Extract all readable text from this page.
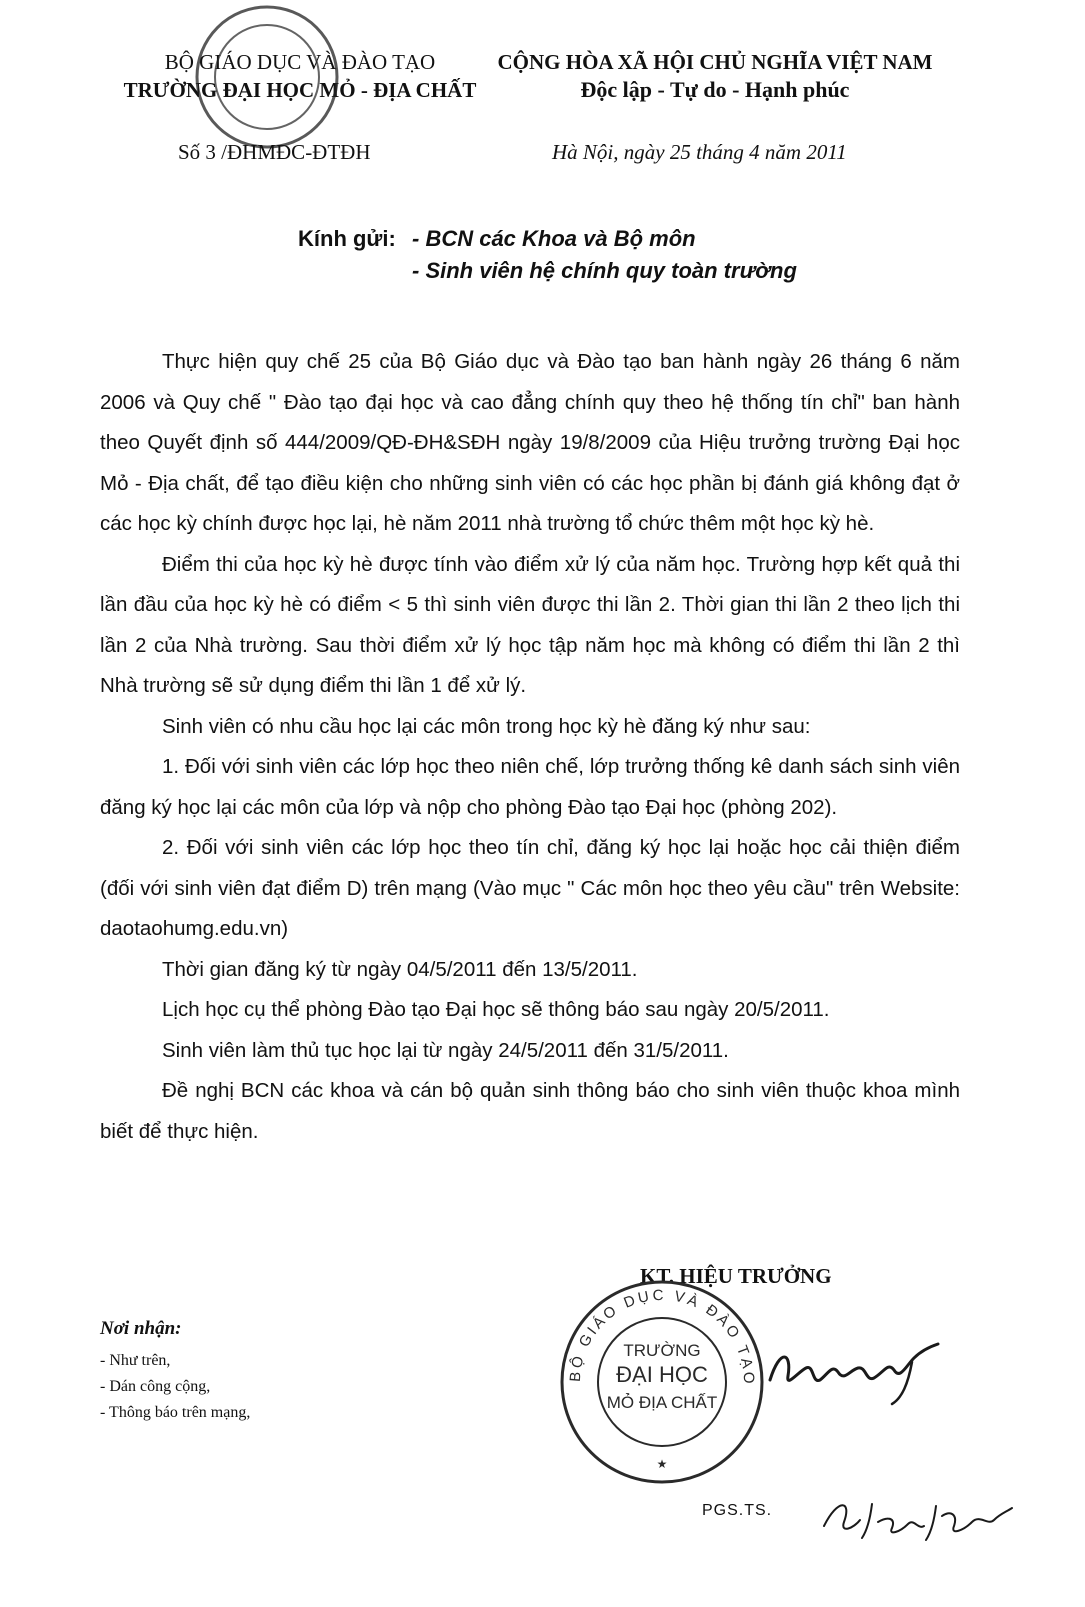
BỘ GIÁO DỤC VÀ ĐÀO TẠO
TRƯỜNG ĐẠI HỌC MỎ - ĐỊA CHẤT
CỘNG HÒA XÃ HỘI CHỦ NGHĨA VIỆT NAM
Độc lập - Tự do - Hạnh phúc
Số 3 /ĐHMĐC-ĐTĐH	Hà Nội, ngày 25 tháng 4 năm 2011
Kính gửi: - BCN các Khoa và Bộ môn
- Sinh viên hệ chính quy toàn trường

Thực hiện quy chế 25 của Bộ Giáo dục và Đào tạo ban hành ngày 26 tháng 6 năm 2006 và Quy chế " Đào tạo đại học và cao đẳng chính quy theo hệ thống tín chỉ" ban hành theo Quyết định số 444/2009/QĐ-ĐH&SĐH ngày 19/8/2009 của Hiệu trưởng trường Đại học Mỏ - Địa chất, để tạo điều kiện cho những sinh viên có các học phần bị đánh giá không đạt ở các học kỳ chính được học lại, hè năm 2011 nhà trường tổ chức thêm một học kỳ hè.

Điểm thi của học kỳ hè được tính vào điểm xử lý của năm học. Trường hợp kết quả thi lần đầu của học kỳ hè có điểm < 5 thì sinh viên được thi lần 2. Thời gian thi lần 2 theo lịch thi lần 2 của Nhà trường. Sau thời điểm xử lý học tập năm học mà không có điểm thi lần 2 thì Nhà trường sẽ sử dụng điểm thi lần 1 để xử lý.

Sinh viên có nhu cầu học lại các môn trong học kỳ hè đăng ký như sau:

1. Đối với sinh viên các lớp học theo niên chế, lớp trưởng thống kê danh sách sinh viên đăng ký học lại các môn của lớp và nộp cho phòng Đào tạo Đại học (phòng 202).

2. Đối với sinh viên các lớp học theo tín chỉ, đăng ký học lại hoặc học cải thiện điểm (đối với sinh viên đạt điểm D) trên mạng (Vào mục " Các môn học theo yêu cầu" trên Website: daotaohumg.edu.vn)

Thời gian đăng ký từ ngày 04/5/2011 đến 13/5/2011.

Lịch học cụ thể phòng Đào tạo Đại học sẽ thông báo sau ngày 20/5/2011.

Sinh viên làm thủ tục học lại từ ngày 24/5/2011 đến 31/5/2011.

Đề nghị BCN các khoa và cán bộ quản sinh thông báo cho sinh viên thuộc khoa mình biết để thực hiện.

KT. HIỆU TRƯỞNG
BỘ GIÁO DỤC VÀ ĐÀO TẠO
TRƯỜNG
ĐẠI HỌC
MỎ ĐỊA CHẤT
★
PGS.TS.
Nơi nhận:
- Như trên,
- Dán công cộng,
- Thông báo trên mạng,
